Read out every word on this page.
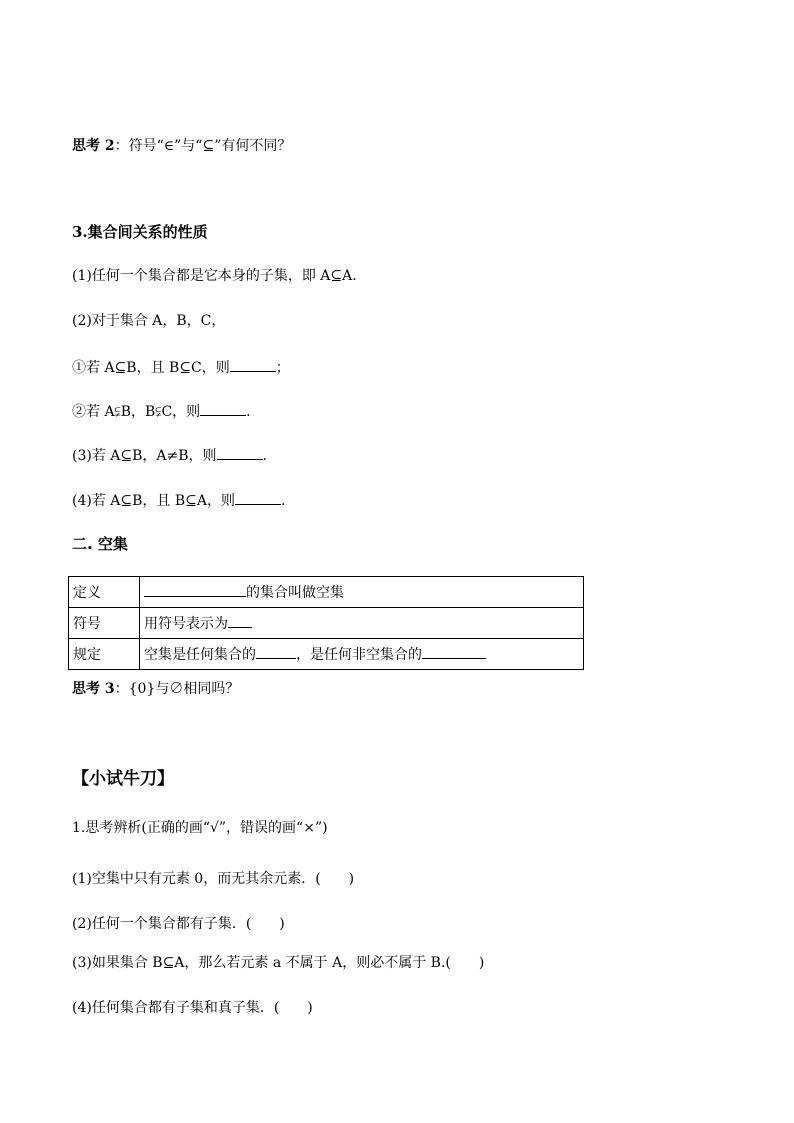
思考 2：符号“∈”与“⊆”有何不同？
3.集合间关系的性质
(1)任何一个集合都是它本身的子集，即 A⊆A.
(2)对于集合 A，B，C，
①若 A⊆B，且 B⊆C，则	；
②若 A⫋B，B⫋C，则	.
(3)若 A⊆B，A≠B，则	.
(4)若 A⊆B，且 B⊆A，则	.
二. 空集
定义	的集合叫做空集
符号	用符号表示为
规定	空集是任何集合的 ，是任何非空集合的
思考 3：{0}与∅相同吗？
【小试牛刀】
1.思考辨析(正确的画“√”，错误的画“×”)
(1)空集中只有元素 0，而无其余元素．(　　)
(2)任何一个集合都有子集．(　　)
(3)如果集合 B⊆A，那么若元素 a 不属于 A，则必不属于 B.(　　)
(4)任何集合都有子集和真子集．(　　)
